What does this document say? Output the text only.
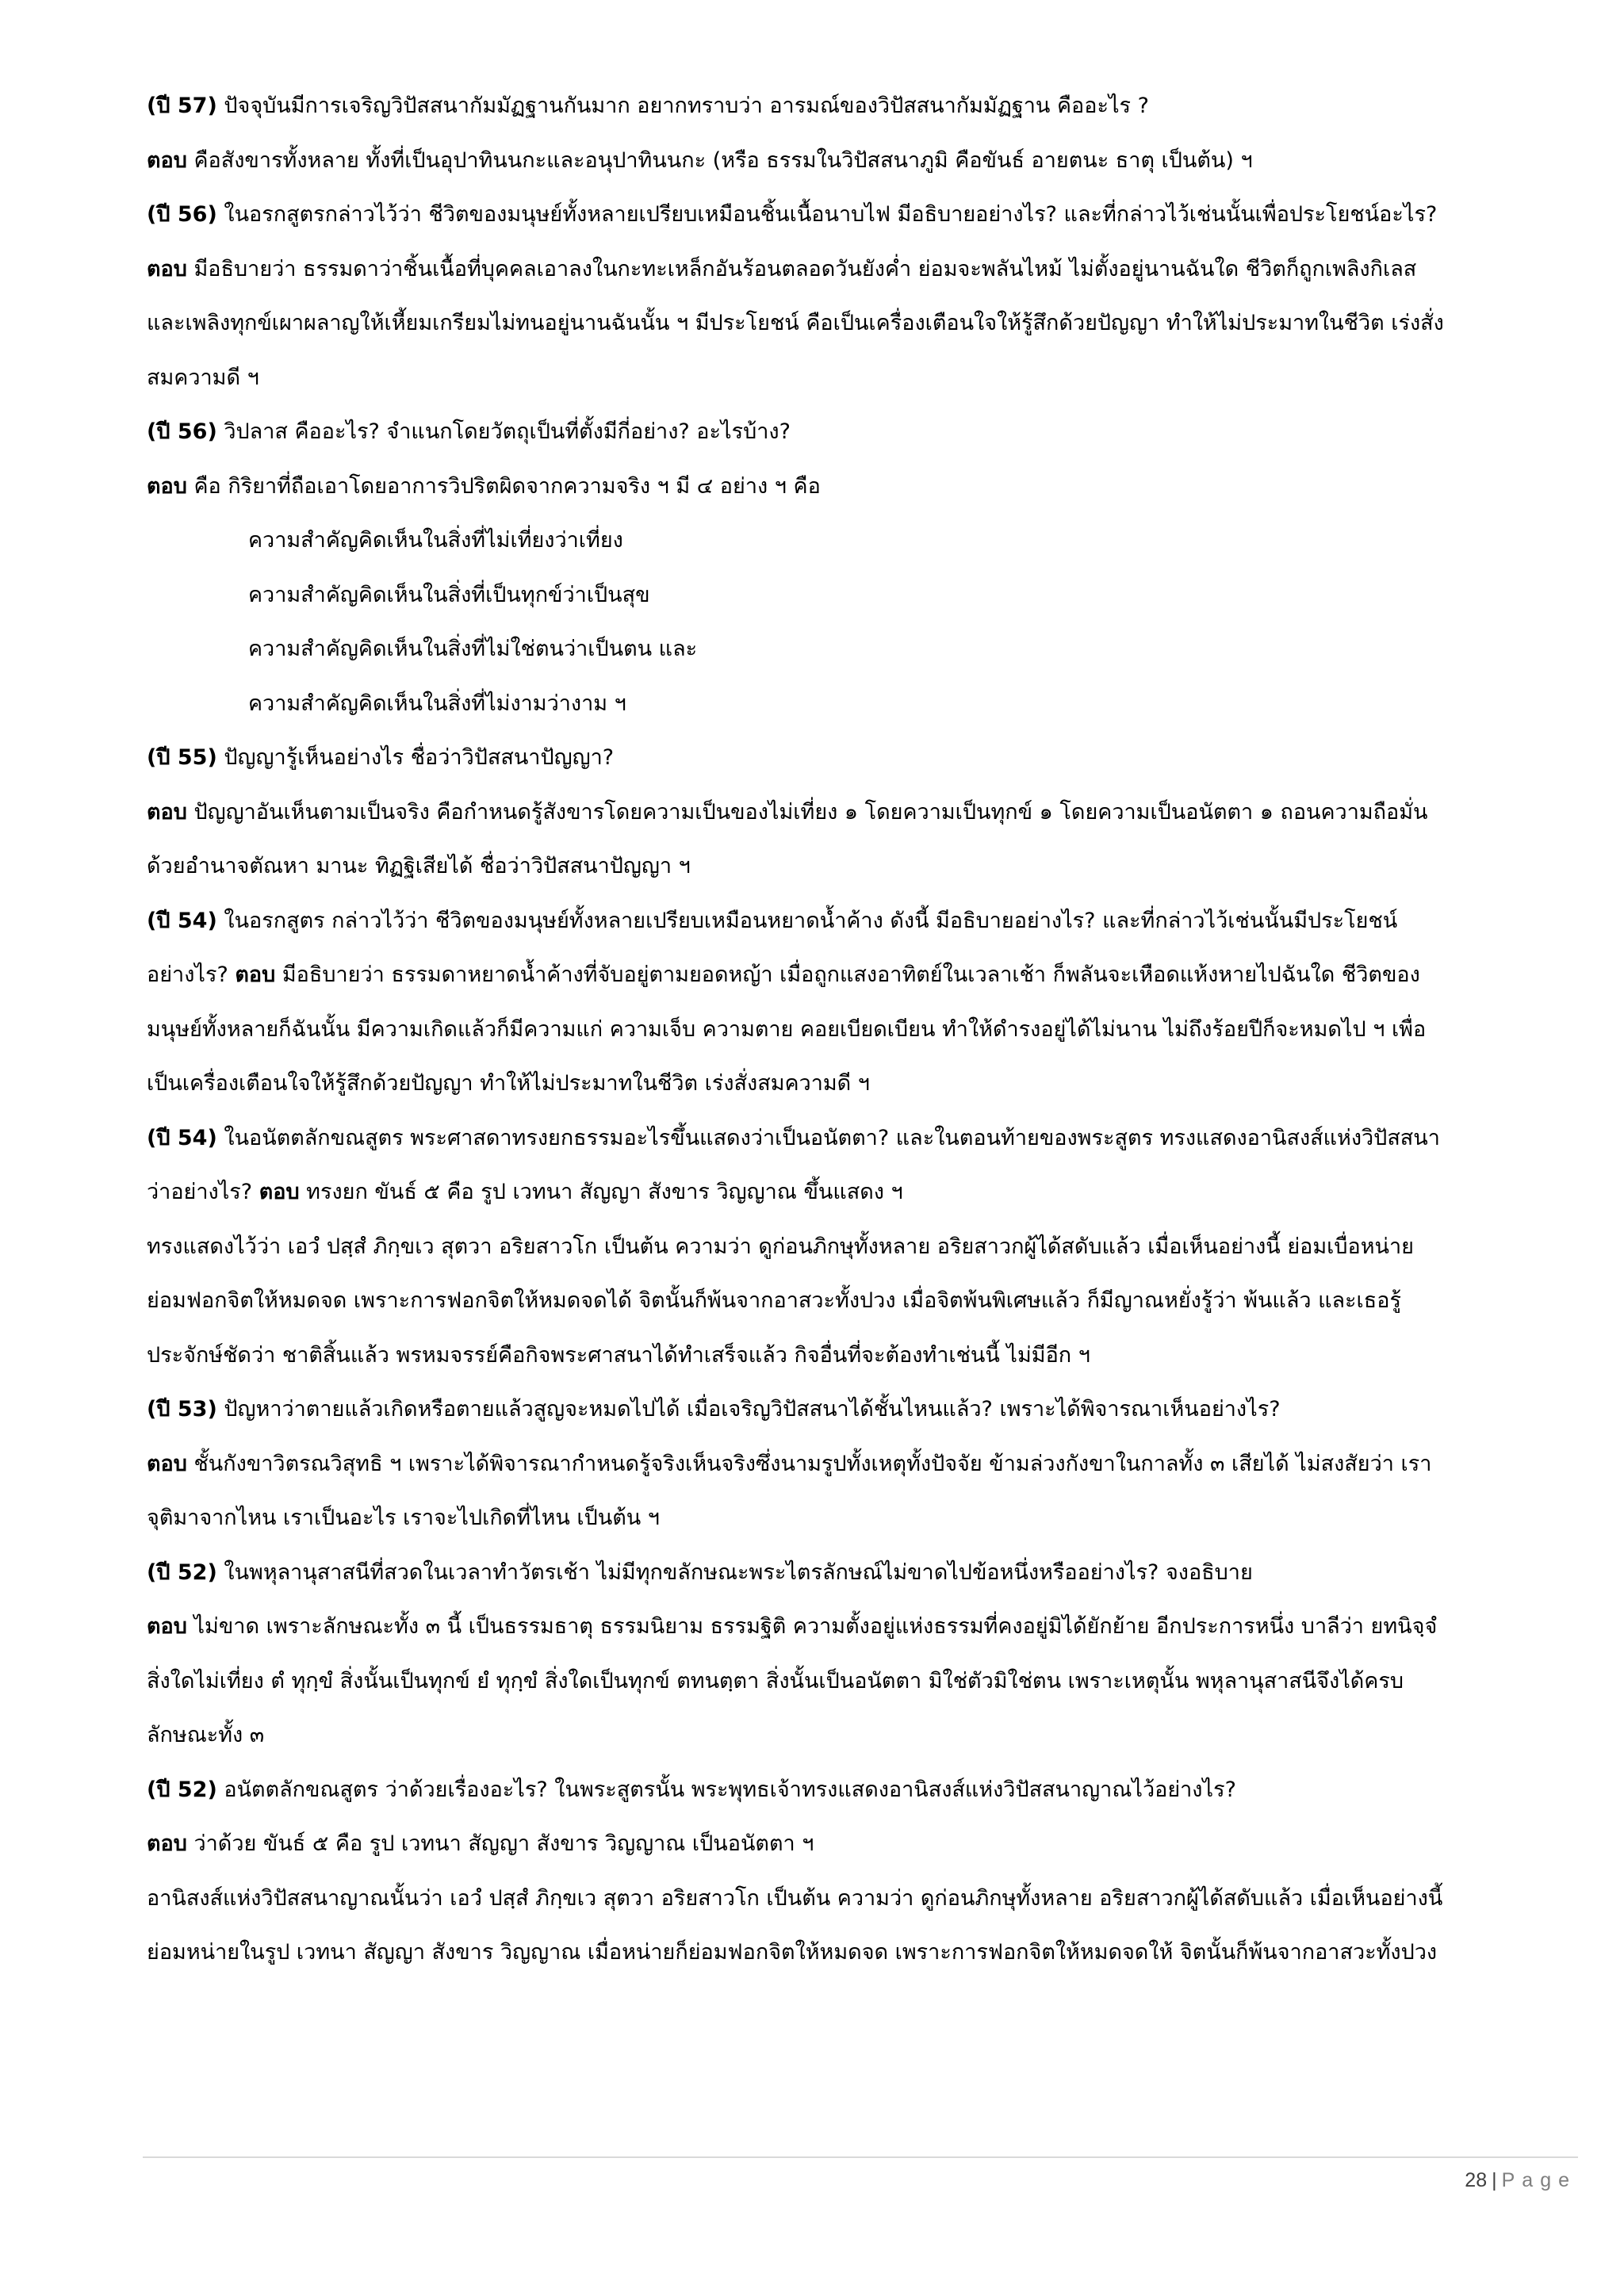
(ปี 57) ปัจจุบันมีการเจริญวิปัสสนากัมมัฏฐานกันมาก อยากทราบว่า อารมณ์ของวิปัสสนากัมมัฏฐาน คืออะไร ?
ตอบ คือสังขารทั้งหลาย ทั้งที่เป็นอุปาทินนกะและอนุปาทินนกะ (หรือ ธรรมในวิปัสสนาภูมิ คือขันธ์ อายตนะ ธาตุ เป็นต้น) ฯ
(ปี 56) ในอรกสูตรกล่าวไว้ว่า ชีวิตของมนุษย์ทั้งหลายเปรียบเหมือนชิ้นเนื้อนาบไฟ มีอธิบายอย่างไร? และที่กล่าวไว้เช่นนั้นเพื่อประโยชน์อะไร?
ตอบ มีอธิบายว่า ธรรมดาว่าชิ้นเนื้อที่บุคคลเอาลงในกะทะเหล็กอันร้อนตลอดวันยังค่ำ ย่อมจะพลันไหม้ ไม่ตั้งอยู่นานฉันใด ชีวิตก็ถูกเพลิงกิเลส
และเพลิงทุกข์เผาผลาญให้เหี้ยมเกรียมไม่ทนอยู่นานฉันนั้น ฯ มีประโยชน์ คือเป็นเครื่องเตือนใจให้รู้สึกด้วยปัญญา ทำให้ไม่ประมาทในชีวิต เร่งสั่ง
สมความดี ฯ
(ปี 56) วิปลาส คืออะไร? จำแนกโดยวัตถุเป็นที่ตั้งมีกี่อย่าง? อะไรบ้าง?
ตอบ คือ กิริยาที่ถือเอาโดยอาการวิปริตผิดจากความจริง ฯ มี ๔ อย่าง ฯ คือ
ความสำคัญคิดเห็นในสิ่งที่ไม่เที่ยงว่าเที่ยง
ความสำคัญคิดเห็นในสิ่งที่เป็นทุกข์ว่าเป็นสุข
ความสำคัญคิดเห็นในสิ่งที่ไม่ใช่ตนว่าเป็นตน และ
ความสำคัญคิดเห็นในสิ่งที่ไม่งามว่างาม ฯ
(ปี 55) ปัญญารู้เห็นอย่างไร ชื่อว่าวิปัสสนาปัญญา?
ตอบ ปัญญาอันเห็นตามเป็นจริง คือกำหนดรู้สังขารโดยความเป็นของไม่เที่ยง ๑ โดยความเป็นทุกข์ ๑ โดยความเป็นอนัตตา ๑ ถอนความถือมั่น
ด้วยอำนาจตัณหา มานะ ทิฏฐิเสียได้ ชื่อว่าวิปัสสนาปัญญา ฯ
(ปี 54) ในอรกสูตร กล่าวไว้ว่า ชีวิตของมนุษย์ทั้งหลายเปรียบเหมือนหยาดน้ำค้าง ดังนี้ มีอธิบายอย่างไร? และที่กล่าวไว้เช่นนั้นมีประโยชน์
อย่างไร? ตอบ มีอธิบายว่า ธรรมดาหยาดน้ำค้างที่จับอยู่ตามยอดหญ้า เมื่อถูกแสงอาทิตย์ในเวลาเช้า ก็พลันจะเหือดแห้งหายไปฉันใด ชีวิตของ
มนุษย์ทั้งหลายก็ฉันนั้น มีความเกิดแล้วก็มีความแก่ ความเจ็บ ความตาย คอยเบียดเบียน ทำให้ดำรงอยู่ได้ไม่นาน ไม่ถึงร้อยปีก็จะหมดไป ฯ เพื่อ
เป็นเครื่องเตือนใจให้รู้สึกด้วยปัญญา ทำให้ไม่ประมาทในชีวิต เร่งสั่งสมความดี ฯ
(ปี 54) ในอนัตตลักขณสูตร พระศาสดาทรงยกธรรมอะไรขึ้นแสดงว่าเป็นอนัตตา? และในตอนท้ายของพระสูตร ทรงแสดงอานิสงส์แห่งวิปัสสนา
ว่าอย่างไร? ตอบ ทรงยก ขันธ์ ๕ คือ รูป เวทนา สัญญา สังขาร วิญญาณ ขึ้นแสดง ฯ
ทรงแสดงไว้ว่า เอวํ ปสฺสํ ภิกฺขเว สุตวา อริยสาวโก เป็นต้น ความว่า ดูก่อนภิกษุทั้งหลาย อริยสาวกผู้ได้สดับแล้ว เมื่อเห็นอย่างนี้ ย่อมเบื่อหน่าย
ย่อมฟอกจิตให้หมดจด เพราะการฟอกจิตให้หมดจดได้ จิตนั้นก็พ้นจากอาสวะทั้งปวง เมื่อจิตพ้นพิเศษแล้ว ก็มีญาณหยั่งรู้ว่า พ้นแล้ว และเธอรู้
ประจักษ์ชัดว่า ชาติสิ้นแล้ว พรหมจรรย์คือกิจพระศาสนาได้ทำเสร็จแล้ว กิจอื่นที่จะต้องทำเช่นนี้ ไม่มีอีก ฯ
(ปี 53) ปัญหาว่าตายแล้วเกิดหรือตายแล้วสูญจะหมดไปได้ เมื่อเจริญวิปัสสนาได้ชั้นไหนแล้ว? เพราะได้พิจารณาเห็นอย่างไร?
ตอบ ชั้นกังขาวิตรณวิสุทธิ ฯ เพราะได้พิจารณากำหนดรู้จริงเห็นจริงซึ่งนามรูปทั้งเหตุทั้งปัจจัย ข้ามล่วงกังขาในกาลทั้ง ๓ เสียได้ ไม่สงสัยว่า เรา
จุติมาจากไหน เราเป็นอะไร เราจะไปเกิดที่ไหน เป็นต้น ฯ
(ปี 52) ในพหุลานุสาสนีที่สวดในเวลาทำวัตรเช้า ไม่มีทุกขลักษณะพระไตรลักษณ์ไม่ขาดไปข้อหนึ่งหรืออย่างไร? จงอธิบาย
ตอบ ไม่ขาด เพราะลักษณะทั้ง ๓ นี้ เป็นธรรมธาตุ ธรรมนิยาม ธรรมฐิติ ความตั้งอยู่แห่งธรรมที่คงอยู่มิได้ยักย้าย อีกประการหนึ่ง บาลีว่า ยทนิจฺจํ
สิ่งใดไม่เที่ยง ตํ ทุกฺขํ สิ่งนั้นเป็นทุกข์ ยํ ทุกฺขํ สิ่งใดเป็นทุกข์ ตทนตฺตา สิ่งนั้นเป็นอนัตตา มิใช่ตัวมิใช่ตน เพราะเหตุนั้น พหุลานุสาสนีจึงได้ครบ
ลักษณะทั้ง ๓
(ปี 52) อนัตตลักขณสูตร ว่าด้วยเรื่องอะไร? ในพระสูตรนั้น พระพุทธเจ้าทรงแสดงอานิสงส์แห่งวิปัสสนาญาณไว้อย่างไร?
ตอบ ว่าด้วย ขันธ์ ๕ คือ รูป เวทนา สัญญา สังขาร วิญญาณ เป็นอนัตตา ฯ
อานิสงส์แห่งวิปัสสนาญาณนั้นว่า เอวํ ปสฺสํ ภิกฺขเว สุตวา อริยสาวโก เป็นต้น ความว่า ดูก่อนภิกษุทั้งหลาย อริยสาวกผู้ได้สดับแล้ว เมื่อเห็นอย่างนี้
ย่อมหน่ายในรูป เวทนา สัญญา สังขาร วิญญาณ เมื่อหน่ายก็ย่อมฟอกจิตให้หมดจด เพราะการฟอกจิตให้หมดจดให้ จิตนั้นก็พ้นจากอาสวะทั้งปวง
28 | Page
